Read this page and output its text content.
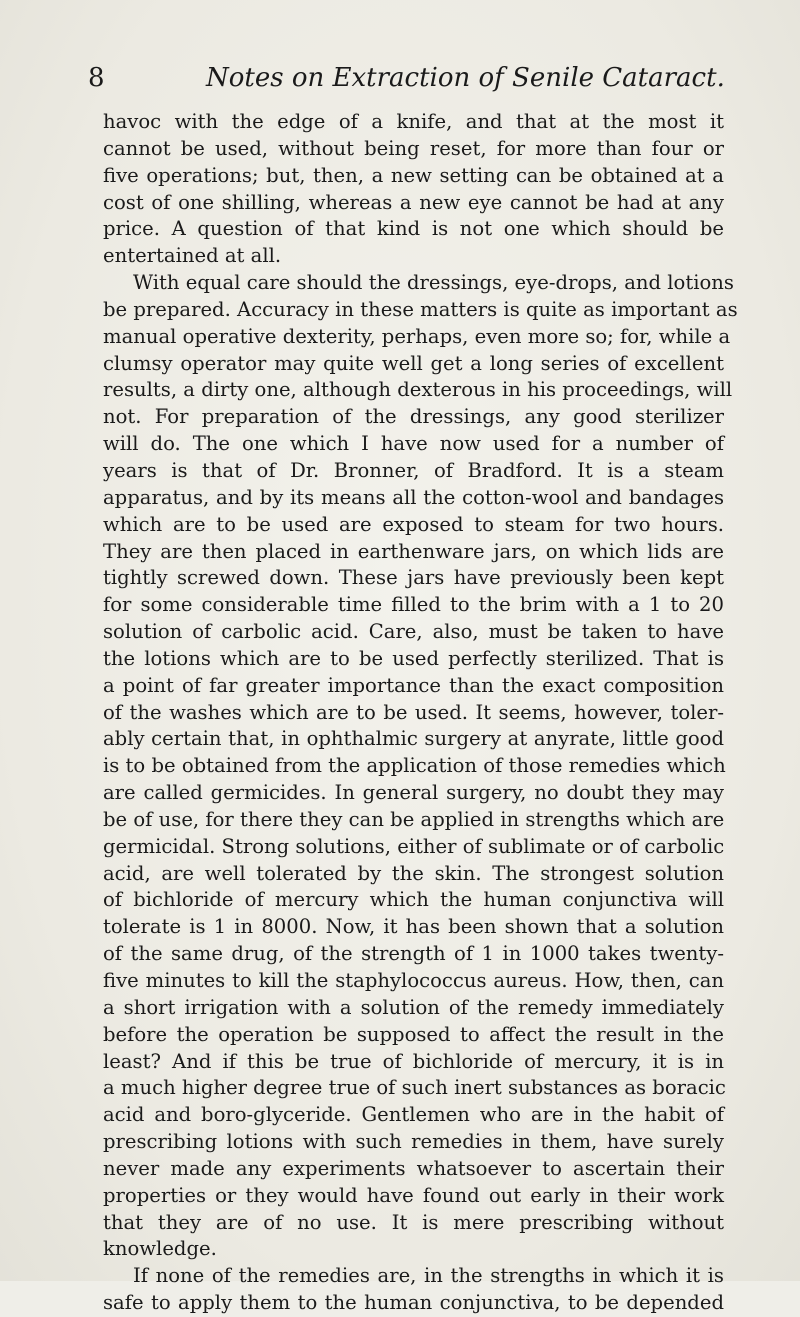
8	Notes on Extraction of Senile Cataract.
havoc with the edge of a knife, and that at the most it
cannot be used, without being reset, for more than four or
five operations; but, then, a new setting can be obtained at a
cost of one shilling, whereas a new eye cannot be had at any
price. A question of that kind is not one which should be
entertained at all.
With equal care should the dressings, eye-drops, and lotions
be prepared. Accuracy in these matters is quite as important as
manual operative dexterity, perhaps, even more so; for, while a
clumsy operator may quite well get a long series of excellent
results, a dirty one, although dexterous in his proceedings, will
not. For preparation of the dressings, any good sterilizer
will do. The one which I have now used for a number of
years is that of Dr. Bronner, of Bradford. It is a steam
apparatus, and by its means all the cotton-wool and bandages
which are to be used are exposed to steam for two hours.
They are then placed in earthenware jars, on which lids are
tightly screwed down. These jars have previously been kept
for some considerable time filled to the brim with a 1 to 20
solution of carbolic acid. Care, also, must be taken to have
the lotions which are to be used perfectly sterilized. That is
a point of far greater importance than the exact composition
of the washes which are to be used. It seems, however, toler-
ably certain that, in ophthalmic surgery at anyrate, little good
is to be obtained from the application of those remedies which
are called germicides. In general surgery, no doubt they may
be of use, for there they can be applied in strengths which are
germicidal. Strong solutions, either of sublimate or of carbolic
acid, are well tolerated by the skin. The strongest solution
of bichloride of mercury which the human conjunctiva will
tolerate is 1 in 8000. Now, it has been shown that a solution
of the same drug, of the strength of 1 in 1000 takes twenty-
five minutes to kill the staphylococcus aureus. How, then, can
a short irrigation with a solution of the remedy immediately
before the operation be supposed to affect the result in the
least? And if this be true of bichloride of mercury, it is in
a much higher degree true of such inert substances as boracic
acid and boro-glyceride. Gentlemen who are in the habit of
prescribing lotions with such remedies in them, have surely
never made any experiments whatsoever to ascertain their
properties or they would have found out early in their work
that they are of no use. It is mere prescribing without
knowledge.
If none of the remedies are, in the strengths in which it is
safe to apply them to the human conjunctiva, to be depended
